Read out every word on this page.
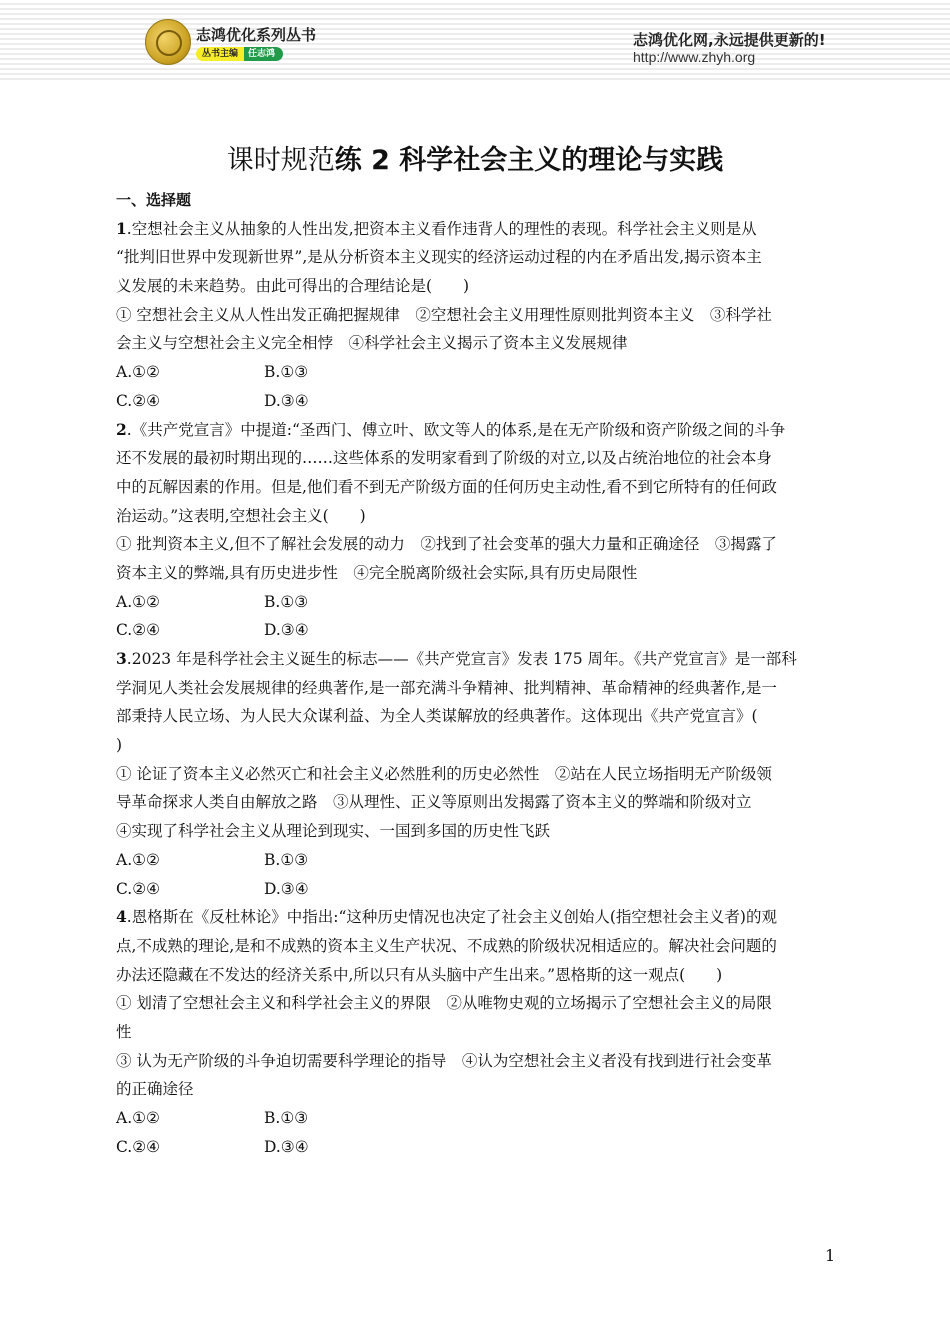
志鸿优化系列丛书
丛书主编	任志鸿
志鸿优化网,永远提供更新的!
http://www.zhyh.org
课时规范练 2 科学社会主义的理论与实践
一、选择题
1.空想社会主义从抽象的人性出发,把资本主义看作违背人的理性的表现。科学社会主义则是从
“批判旧世界中发现新世界”,是从分析资本主义现实的经济运动过程的内在矛盾出发,揭示资本主
义发展的未来趋势。由此可得出的合理结论是(　　)
① 空想社会主义从人性出发正确把握规律　②空想社会主义用理性原则批判资本主义　③科学社
会主义与空想社会主义完全相悖　④科学社会主义揭示了资本主义发展规律
A.①②	B.①③
C.②④	D.③④
2.《共产党宣言》中提道:“圣西门、傅立叶、欧文等人的体系,是在无产阶级和资产阶级之间的斗争
还不发展的最初时期出现的……这些体系的发明家看到了阶级的对立,以及占统治地位的社会本身
中的瓦解因素的作用。但是,他们看不到无产阶级方面的任何历史主动性,看不到它所特有的任何政
治运动。”这表明,空想社会主义(　　)
① 批判资本主义,但不了解社会发展的动力　②找到了社会变革的强大力量和正确途径　③揭露了
资本主义的弊端,具有历史进步性　④完全脱离阶级社会实际,具有历史局限性
A.①②	B.①③
C.②④	D.③④
3.2023 年是科学社会主义诞生的标志——《共产党宣言》发表 175 周年。《共产党宣言》是一部科
学洞见人类社会发展规律的经典著作,是一部充满斗争精神、批判精神、革命精神的经典著作,是一
部秉持人民立场、为人民大众谋利益、为全人类谋解放的经典著作。这体现出《共产党宣言》(
)
① 论证了资本主义必然灭亡和社会主义必然胜利的历史必然性　②站在人民立场指明无产阶级领
导革命探求人类自由解放之路　③从理性、正义等原则出发揭露了资本主义的弊端和阶级对立
④实现了科学社会主义从理论到现实、一国到多国的历史性飞跃
A.①②	B.①③
C.②④	D.③④
4.恩格斯在《反杜林论》中指出:“这种历史情况也决定了社会主义创始人(指空想社会主义者)的观
点,不成熟的理论,是和不成熟的资本主义生产状况、不成熟的阶级状况相适应的。解决社会问题的
办法还隐藏在不发达的经济关系中,所以只有从头脑中产生出来。”恩格斯的这一观点(　　)
① 划清了空想社会主义和科学社会主义的界限　②从唯物史观的立场揭示了空想社会主义的局限
性
③ 认为无产阶级的斗争迫切需要科学理论的指导　④认为空想社会主义者没有找到进行社会变革
的正确途径
A.①②	B.①③
C.②④	D.③④
1
